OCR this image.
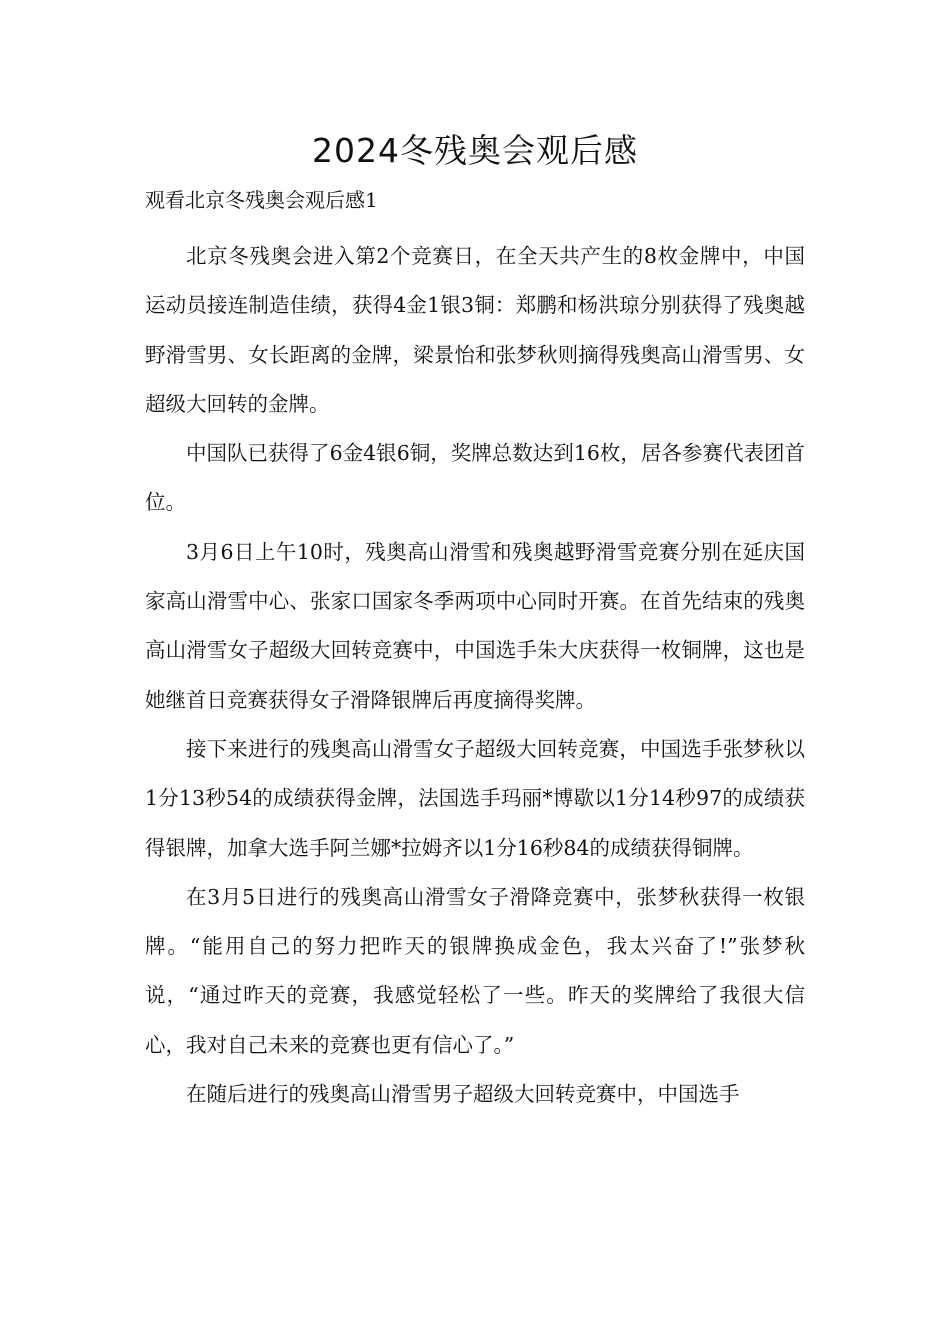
2024冬残奥会观后感
观看北京冬残奥会观后感1

北京冬残奥会进入第2个竞赛日，在全天共产生的8枚金牌中，中国运动员接连制造佳绩，获得4金1银3铜：郑鹏和杨洪琼分别获得了残奥越野滑雪男、女长距离的金牌，梁景怡和张梦秋则摘得残奥高山滑雪男、女超级大回转的金牌。

中国队已获得了6金4银6铜，奖牌总数达到16枚，居各参赛代表团首位。

3月6日上午10时，残奥高山滑雪和残奥越野滑雪竞赛分别在延庆国家高山滑雪中心、张家口国家冬季两项中心同时开赛。在首先结束的残奥高山滑雪女子超级大回转竞赛中，中国选手朱大庆获得一枚铜牌，这也是她继首日竞赛获得女子滑降银牌后再度摘得奖牌。

接下来进行的残奥高山滑雪女子超级大回转竞赛，中国选手张梦秋以1分13秒54的成绩获得金牌，法国选手玛丽*博歇以1分14秒97的成绩获得银牌，加拿大选手阿兰娜*拉姆齐以1分16秒84的成绩获得铜牌。

在3月5日进行的残奥高山滑雪女子滑降竞赛中，张梦秋获得一枚银牌。“能用自己的努力把昨天的银牌换成金色，我太兴奋了!”张梦秋说，“通过昨天的竞赛，我感觉轻松了一些。昨天的奖牌给了我很大信心，我对自己未来的竞赛也更有信心了。”

在随后进行的残奥高山滑雪男子超级大回转竞赛中，中国选手
